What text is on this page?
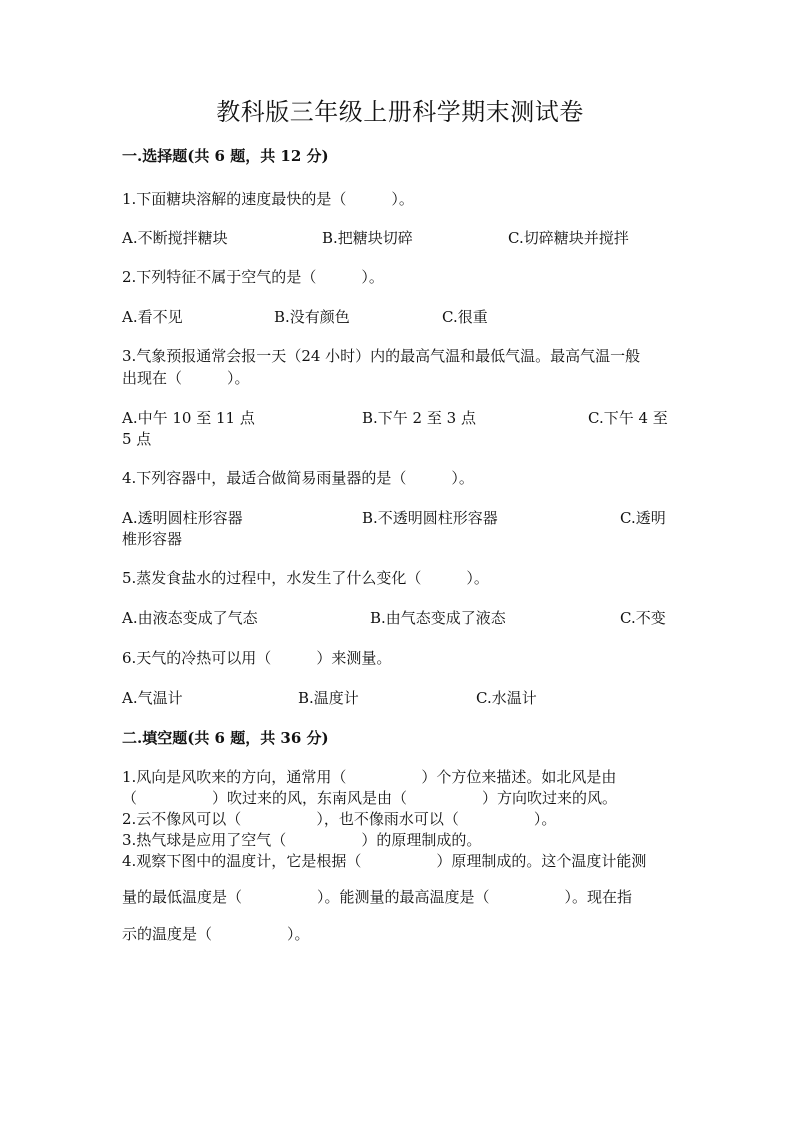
教科版三年级上册科学期末测试卷
一.选择题(共 6 题，共 12 分)
1.下面糖块溶解的速度最快的是（　　　）。
A.不断搅拌糖块	B.把糖块切碎	C.切碎糖块并搅拌
2.下列特征不属于空气的是（　　　）。
A.看不见	B.没有颜色	C.很重
3.气象预报通常会报一天（24 小时）内的最高气温和最低气温。最高气温一般
出现在（　　　）。
A.中午 10 至 11 点	B.下午 2 至 3 点	C.下午 4 至
5 点
4.下列容器中，最适合做简易雨量器的是（　　　）。
A.透明圆柱形容器	B.不透明圆柱形容器	C.透明
椎形容器
5.蒸发食盐水的过程中，水发生了什么变化（　　　）。
A.由液态变成了气态	B.由气态变成了液态	C.不变
6.天气的冷热可以用（　　　）来测量。
A.气温计	B.温度计	C.水温计
二.填空题(共 6 题，共 36 分)
1.风向是风吹来的方向，通常用（　　　　　）个方位来描述。如北风是由
（　　　　　）吹过来的风，东南风是由（　　　　　）方向吹过来的风。
2.云不像风可以（　　　　　），也不像雨水可以（　　　　　）。
3.热气球是应用了空气（　　　　　）的原理制成的。
4.观察下图中的温度计，它是根据（　　　　　）原理制成的。这个温度计能测
量的最低温度是（　　　　　）。能测量的最高温度是（　　　　　）。现在指
示的温度是（　　　　　）。
